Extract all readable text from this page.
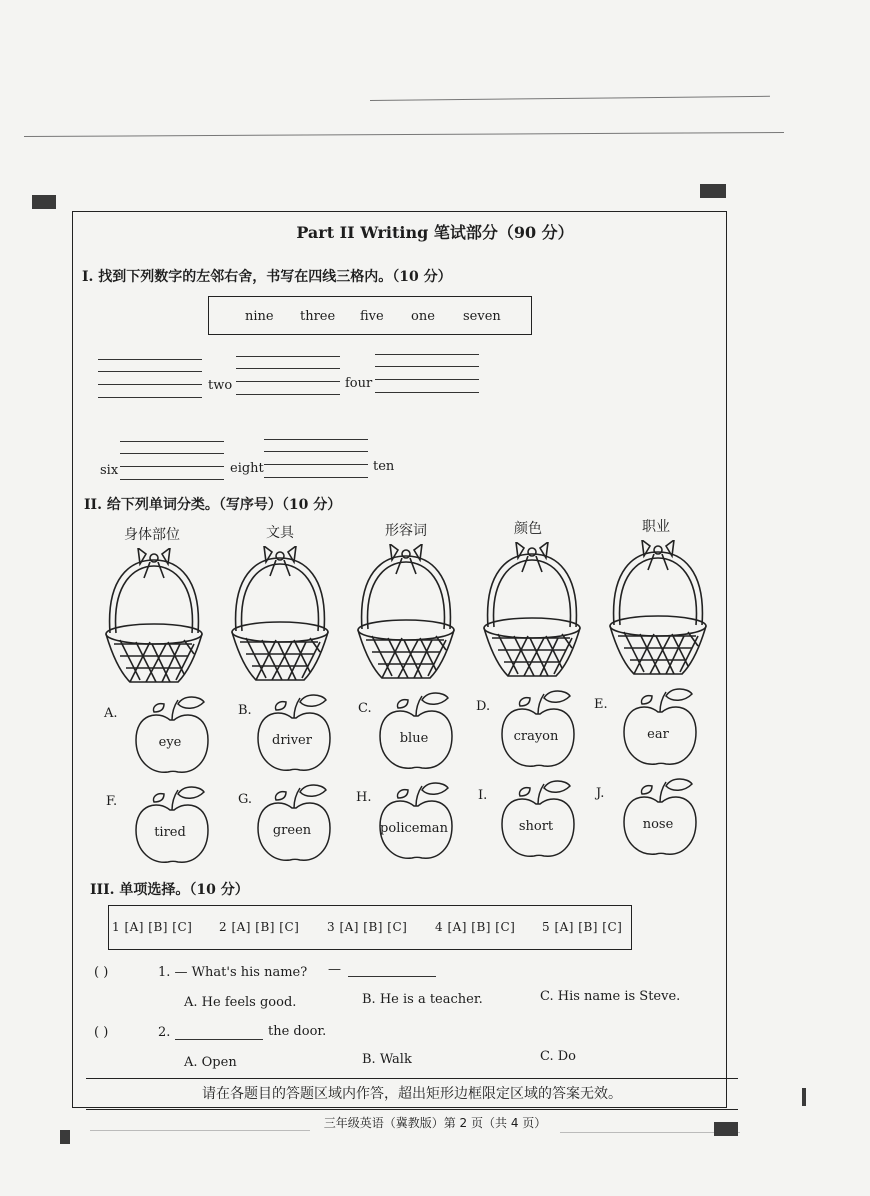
Part II Writing 笔试部分（90 分）
I. 找到下列数字的左邻右舍，书写在四线三格内。（10 分）
nine three five one seven
two	four
six	eight	ten
II. 给下列单词分类。（写序号）（10 分）
身体部位	文具	形容词	颜色	职业
A.
eye
B.
driver
C.
blue
D.
crayon
E.
ear
F.
tired
G.
green
H.
policeman
I.
short
J.
nose
III. 单项选择。（10 分）
1 [A] [B] [C] 2 [A] [B] [C] 3 [A] [B] [C] 4 [A] [B] [C] 5 [A] [B] [C]
( )	1. — What's his name? —
A. He feels good.	B. He is a teacher.	C. His name is Steve.
( )	2.	the door.
A. Open	B. Walk	C. Do
请在各题目的答题区域内作答，超出矩形边框限定区域的答案无效。
三年级英语（冀教版）第 2 页（共 4 页）
